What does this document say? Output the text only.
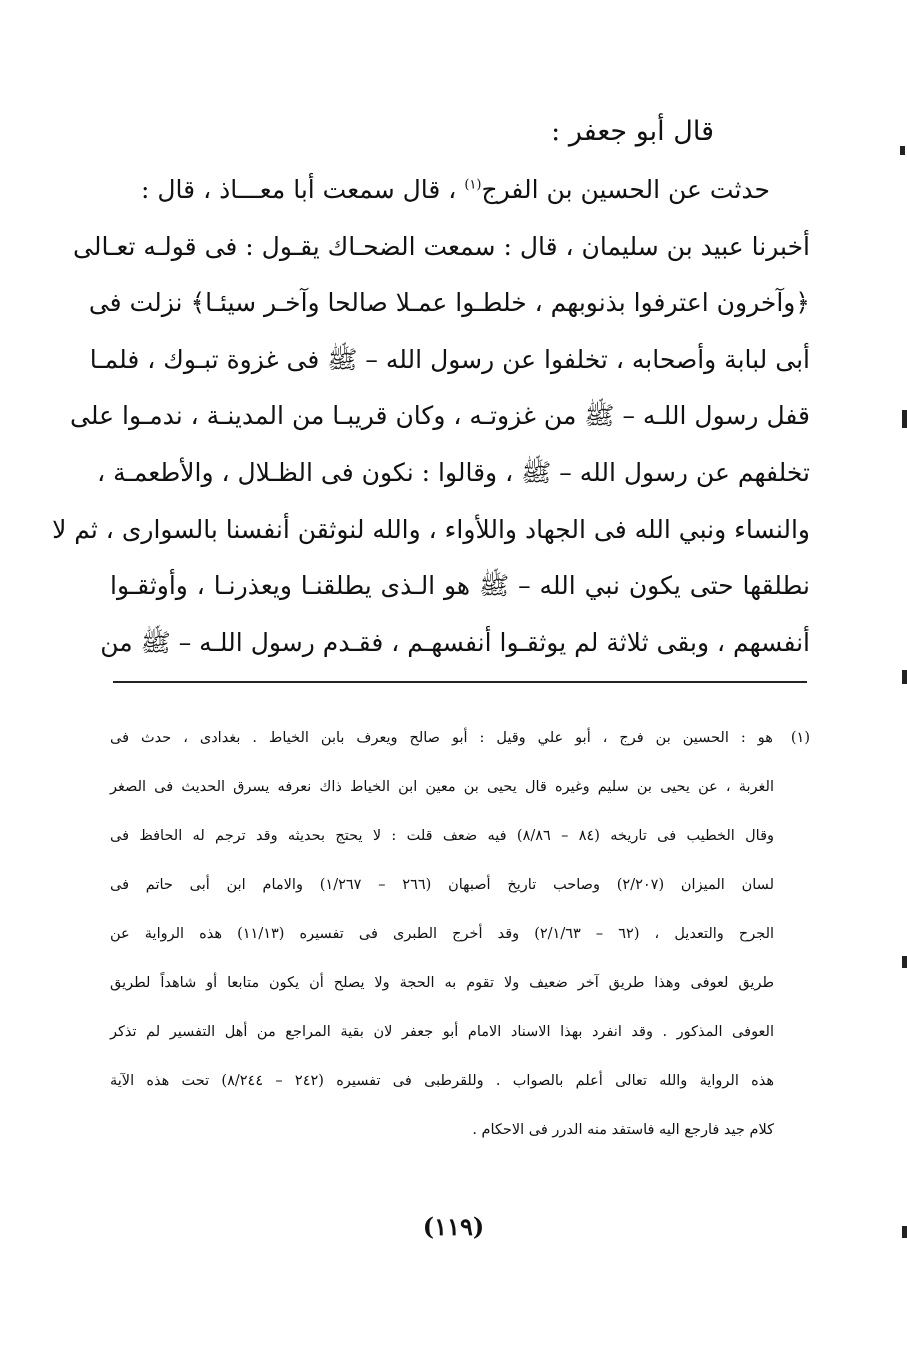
قال أبو جعفر :
حدثت عن الحسين بن الفرج$^{(١)}$ ، قال سمعت أبا معـــاذ ، قال :
أخبرنا عبيد بن سليمان ، قال : سمعت الضحـاك يقـول : فى قولـه تعـالى
﴿وآخرون اعترفوا بذنوبهم ، خلطـوا عمـلا صالحا وآخـر سيئـا﴾ نزلت فى
أبى لبابة وأصحابه ، تخلفوا عن رسول الله – ﷺ فى غزوة تبـوك ، فلمـا
قفل رسول اللـه – ﷺ من غزوتـه ، وكان قريبـا من المدينـة ، ندمـوا على
تخلفهم عن رسول الله – ﷺ ، وقالوا : نكون فى الظـلال ، والأطعمـة ،
والنساء ونبي الله فى الجهاد واللأواء ، والله لنوثقن أنفسنا بالسوارى ، ثم لا
نطلقها حتى يكون نبي الله – ﷺ هو الـذى يطلقنـا ويعذرنـا ، وأوثقـوا
أنفسهم ، وبقى ثلاثة لم يوثقـوا أنفسهـم ، فقـدم رسول اللـه – ﷺ من
(١) هو : الحسين بن فرج ، أبو علي وقيل : أبو صالح ويعرف بابن الخياط . بغدادى ، حدث فى
الغربة ، عن يحيى بن سليم وغيره قال يحيى بن معين ابن الخياط ذاك نعرفه يسرق الحديث فى الصغر
وقال الخطيب فى تاريخه (٨٤ – ٨/٨٦) فيه ضعف قلت : لا يحتج بحديثه وقد ترجم له الحافظ فى
لسان الميزان (٢/٢٠٧) وصاحب تاريخ أصبهان (٢٦٦ – ١/٢٦٧) والامام ابن أبى حاتم فى
الجرح والتعديل ، (٦٢ – ٢/١/٦٣) وقد أخرج الطبرى فى تفسيره (١١/١٣) هذه الرواية عن
طريق لعوفى وهذا طريق آخر ضعيف ولا تقوم به الحجة ولا يصلح أن يكون متابعا أو شاهداً لطريق
العوفى المذكور . وقد انفرد بهذا الاسناد الامام أبو جعفر لان بقية المراجع من أهل التفسير لم تذكر
هذه الرواية والله تعالى أعلم بالصواب . وللقرطبى فى تفسيره (٢٤٢ – ٨/٢٤٤) تحت هذه الآية
كلام جيد فارجع اليه فاستفد منه الدرر فى الاحكام .
(١١٩)
